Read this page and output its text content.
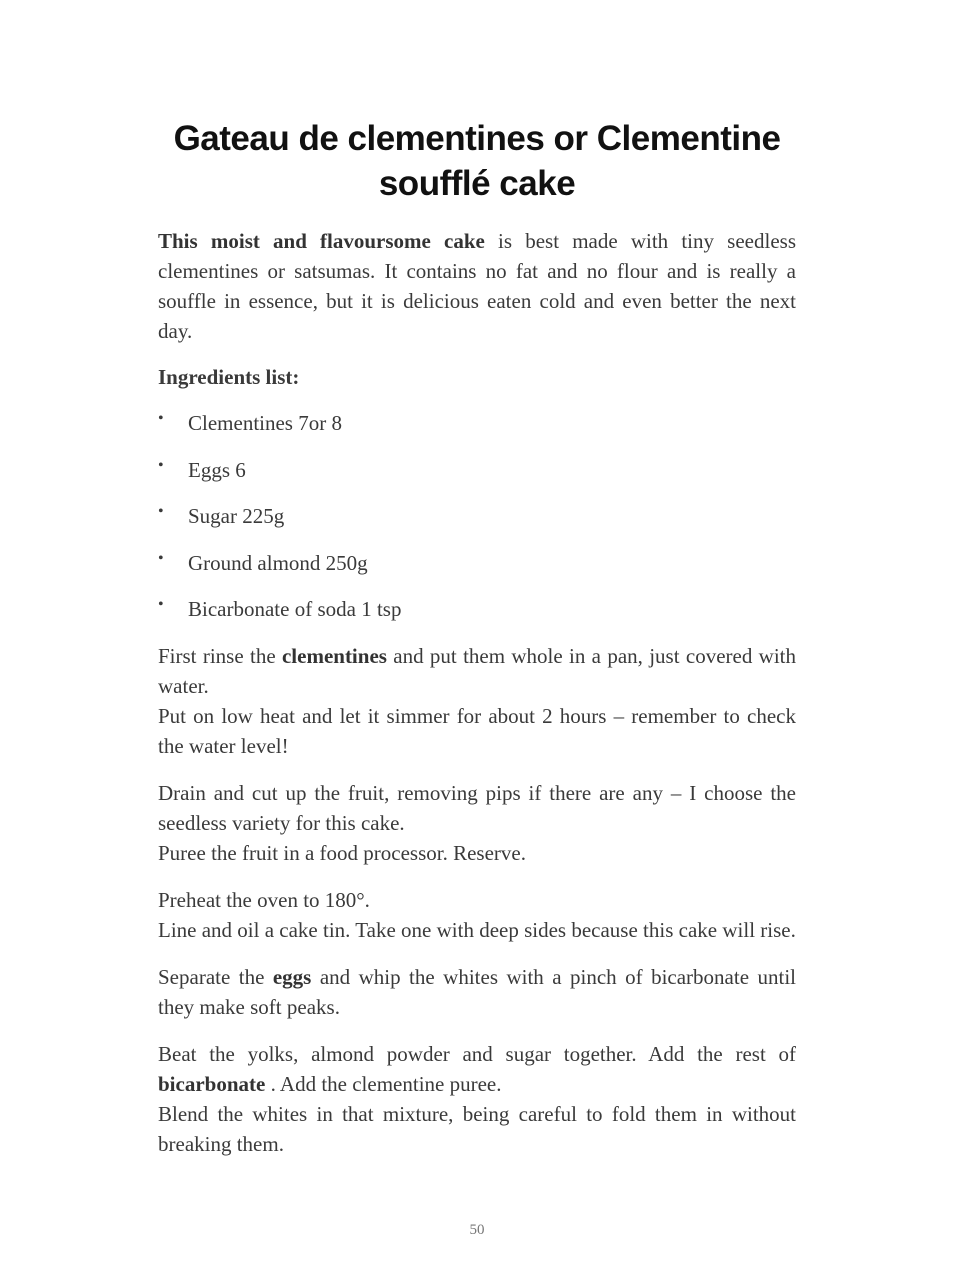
Gateau de clementines or Clementine soufflé cake

This moist and flavoursome cake is best made with tiny seedless clementines or satsumas. It contains no fat and no flour and is really a souffle in essence, but it is delicious eaten cold and even better the next day.

Ingredients list:

• Clementines 7or 8
• Eggs 6
• Sugar 225g
• Ground almond 250g
• Bicarbonate of soda 1 tsp

First rinse the clementines and put them whole in a pan, just covered with water.

Put on low heat and let it simmer for about 2 hours – remember to check the water level!

Drain and cut up the fruit, removing pips if there are any – I choose the seedless variety for this cake.

Puree the fruit in a food processor. Reserve.

Preheat the oven to 180°.

Line and oil a cake tin. Take one with deep sides because this cake will rise.

Separate the eggs and whip the whites with a pinch of bicarbonate until they make soft peaks.

Beat the yolks, almond powder and sugar together. Add the rest of bicarbonate . Add the clementine puree.

Blend the whites in that mixture, being careful to fold them in without breaking them.

50
